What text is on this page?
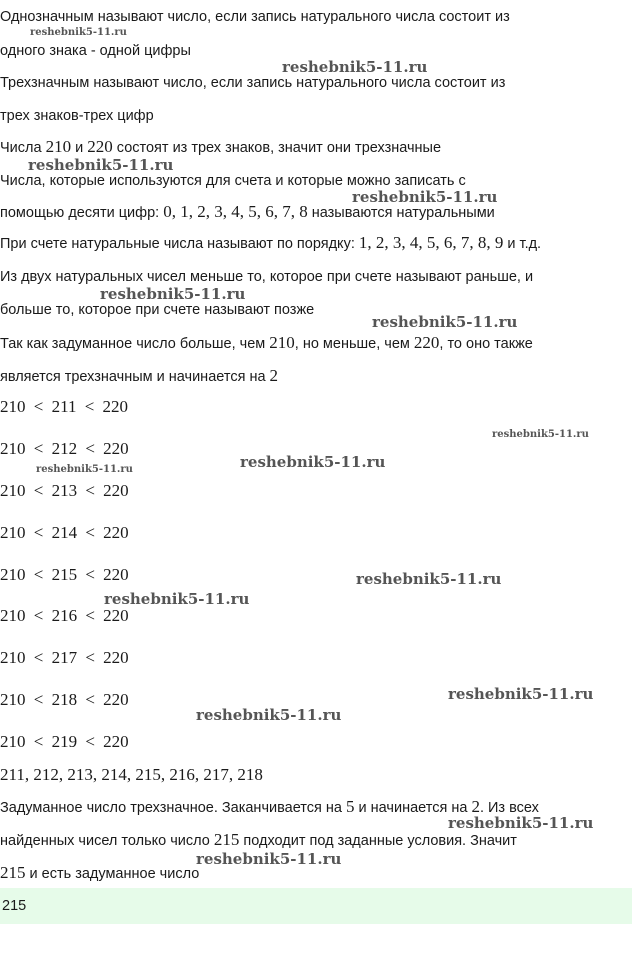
Однозначным называют число, если запись натурального числа состоит из
одного знака - одной цифры
Трехзначным называют число, если запись натурального числа состоит из
трех знаков-трех цифр
Числа 210 и 220 состоят из трех знаков, значит они трехзначные
Числа, которые используются для счета и которые можно записать с
помощью десяти цифр: 0, 1, 2, 3, 4, 5, 6, 7, 8 называются натуральными
При счете натуральные числа называют по порядку: 1, 2, 3, 4, 5, 6, 7, 8, 9 и т.д.
Из двух натуральных чисел меньше то, которое при счете называют раньше, и
больше то, которое при счете называют позже
Так как задуманное число больше, чем 210, но меньше, чем 220, то оно также
является трехзначным и начинается на 2
210 < 211 < 220
210 < 212 < 220
210 < 213 < 220
210 < 214 < 220
210 < 215 < 220
210 < 216 < 220
210 < 217 < 220
210 < 218 < 220
210 < 219 < 220
211, 212, 213, 214, 215, 216, 217, 218
Задуманное число трехзначное. Заканчивается на 5 и начинается на 2. Из всех
найденных чисел только число 215 подходит под заданные условия. Значит
215 и есть задуманное число
215
reshebnik5-11.ru
reshebnik5-11.ru
reshebnik5-11.ru
reshebnik5-11.ru
reshebnik5-11.ru
reshebnik5-11.ru
reshebnik5-11.ru
reshebnik5-11.ru
reshebnik5-11.ru
reshebnik5-11.ru
reshebnik5-11.ru
reshebnik5-11.ru
reshebnik5-11.ru
reshebnik5-11.ru
reshebnik5-11.ru
